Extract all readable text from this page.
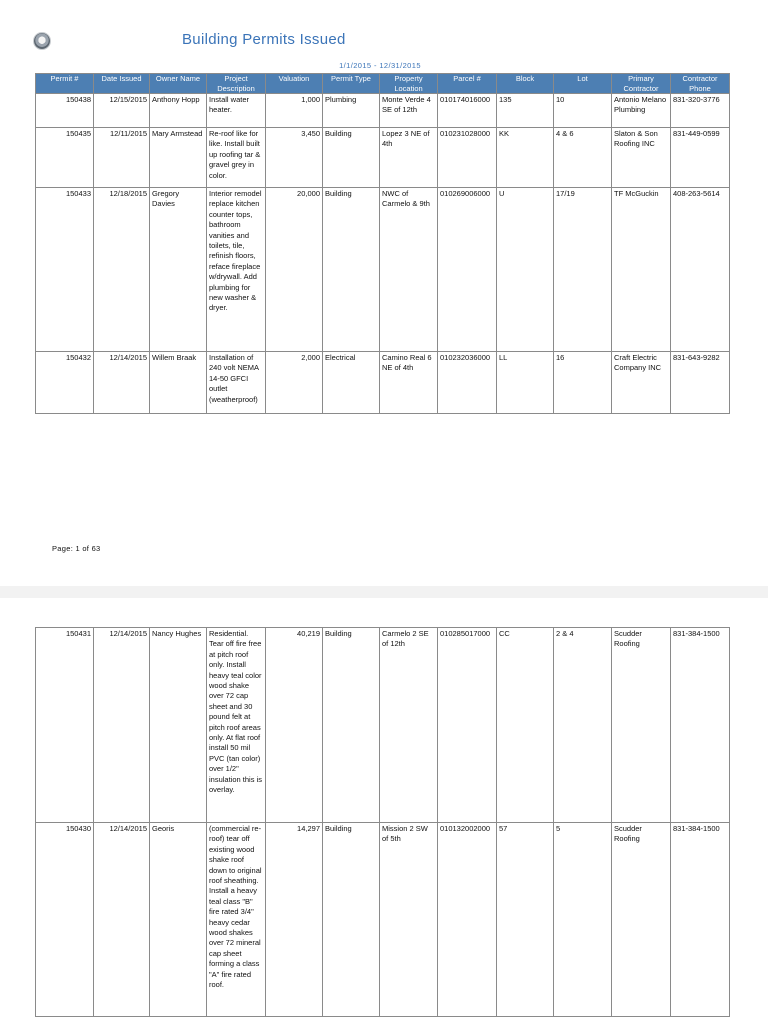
Building Permits Issued
1/1/2015 - 12/31/2015
Permit #	Date Issued	Owner Name	Project Description	Valuation	Permit Type	Property Location	Parcel #	Block	Lot	Primary Contractor	Contractor Phone
150438	12/15/2015	Anthony Hopp	Install water heater.	1,000	Plumbing	Monte Verde 4 SE of 12th	010174016000	135	10	Antonio Melano Plumbing	831-320-3776
150435	12/11/2015	Mary Armstead	Re-roof like for like. Install built up roofing tar & gravel grey in color.	3,450	Building	Lopez 3 NE of 4th	010231028000	KK	4 & 6	Slaton & Son Roofing INC	831-449-0599
150433	12/18/2015	Gregory Davies	Interior remodel replace kitchen counter tops, bathroom vanities and toilets, tile, refinish floors, reface fireplace w/drywall. Add plumbing for new washer & dryer.	20,000	Building	NWC of Carmelo & 9th	010269006000	U	17/19	TF McGuckin	408-263-5614
150432	12/14/2015	Willem Braak	Installation of 240 volt NEMA 14-50 GFCI outlet (weatherproof)	2,000	Electrical	Camino Real 6 NE of 4th	010232036000	LL	16	Craft Electric Company INC	831-643-9282
Page: 1 of 63
150431	12/14/2015	Nancy Hughes	Residential. Tear off fire free at pitch roof only. Install heavy teal color wood shake over 72 cap sheet and 30 pound felt at pitch roof areas only. At flat roof install 50 mil PVC (tan color) over 1/2" insulation this is overlay.	40,219	Building	Carmelo 2 SE of 12th	010285017000	CC	2 & 4	Scudder Roofing	831-384-1500
150430	12/14/2015	Georis	(commercial re-roof) tear off existing wood shake roof down to original roof sheathing. Install a heavy teal class "B" fire rated 3/4" heavy cedar wood shakes over 72 mineral cap sheet forming a class "A" fire rated roof.	14,297	Building	Mission 2 SW of 5th	010132002000	57	5	Scudder Roofing	831-384-1500
